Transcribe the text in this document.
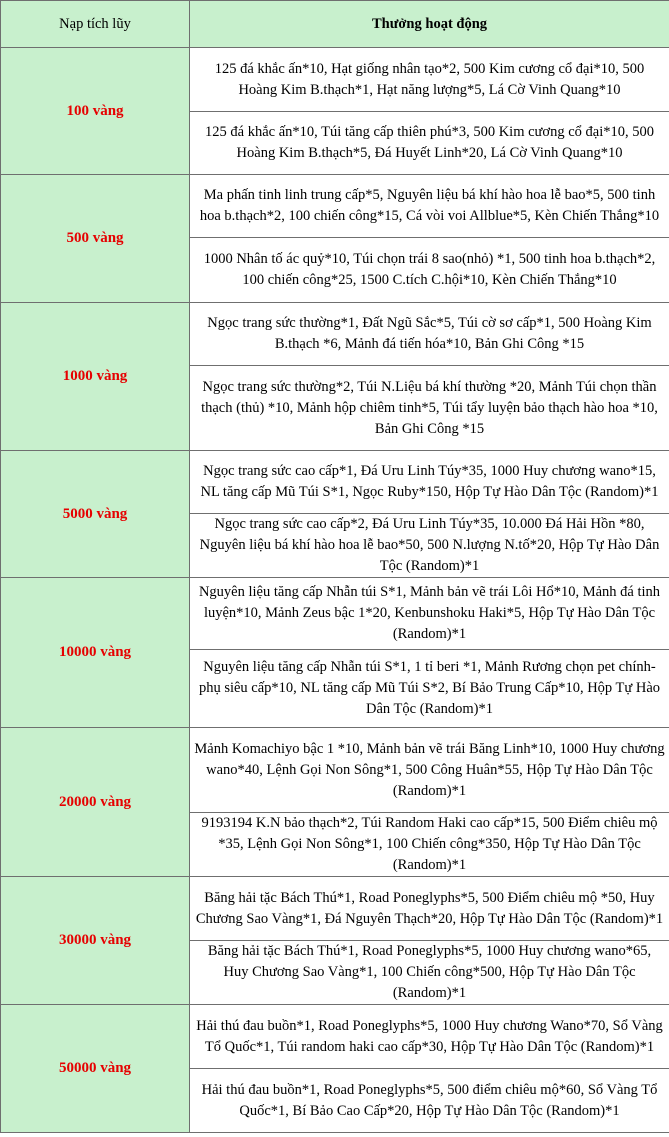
Nạp tích lũy	Thưởng hoạt động
100 vàng	125 đá khắc ấn*10, Hạt giống nhân tạo*2, 500 Kim cương cổ đại*10, 500 Hoàng Kim B.thạch*1, Hạt năng lượng*5, Lá Cờ Vinh Quang*10
	125 đá khắc ấn*10, Túi tăng cấp thiên phú*3, 500 Kim cương cổ đại*10, 500 Hoàng Kim B.thạch*5, Đá Huyết Linh*20, Lá Cờ Vinh Quang*10
500 vàng	Ma phấn tinh linh trung cấp*5, Nguyên liệu bá khí hào hoa lễ bao*5, 500 tinh hoa b.thạch*2, 100 chiến công*15, Cá vòi voi Allblue*5, Kèn Chiến Thắng*10
	1000 Nhân tố ác quỷ*10, Túi chọn trái 8 sao(nhỏ) *1, 500 tinh hoa b.thạch*2, 100 chiến công*25, 1500 C.tích C.hội*10, Kèn Chiến Thắng*10
1000 vàng	Ngọc trang sức thường*1, Đất Ngũ Sắc*5, Túi cờ sơ cấp*1, 500 Hoàng Kim B.thạch *6, Mảnh đá tiến hóa*10, Bản Ghi Công *15
	Ngọc trang sức thường*2, Túi N.Liệu bá khí thường *20, Mảnh Túi chọn thần thạch (thủ) *10, Mảnh hộp chiêm tinh*5, Túi tẩy luyện bảo thạch hào hoa *10, Bản Ghi Công *15
5000 vàng	Ngọc trang sức cao cấp*1, Đá Uru Linh Túy*35, 1000 Huy chương wano*15, NL tăng cấp Mũ Túi S*1, Ngọc Ruby*150, Hộp Tự Hào Dân Tộc (Random)*1
	Ngọc trang sức cao cấp*2, Đá Uru Linh Túy*35, 10.000 Đá Hải Hồn *80, Nguyên liệu bá khí hào hoa lễ bao*50, 500 N.lượng N.tố*20, Hộp Tự Hào Dân Tộc (Random)*1
10000 vàng	Nguyên liệu tăng cấp Nhẫn túi S*1, Mảnh bản vẽ trái Lôi Hổ*10, Mảnh đá tinh luyện*10, Mảnh Zeus bậc 1*20, Kenbunshoku Haki*5, Hộp Tự Hào Dân Tộc (Random)*1
	Nguyên liệu tăng cấp Nhẫn túi S*1, 1 tỉ beri *1, Mảnh Rương chọn pet chính-phụ siêu cấp*10, NL tăng cấp Mũ Túi S*2, Bí Bảo Trung Cấp*10, Hộp Tự Hào Dân Tộc (Random)*1
20000 vàng	Mảnh Komachiyo bậc 1 *10, Mảnh bản vẽ trái Băng Linh*10, 1000 Huy chương wano*40, Lệnh Gọi Non Sông*1, 500 Công Huân*55, Hộp Tự Hào Dân Tộc (Random)*1
	9193194 K.N bảo thạch*2, Túi Random Haki cao cấp*15, 500 Điểm chiêu mộ *35, Lệnh Gọi Non Sông*1, 100 Chiến công*350, Hộp Tự Hào Dân Tộc (Random)*1
30000 vàng	Băng hải tặc Bách Thú*1, Road Poneglyphs*5, 500 Điểm chiêu mộ *50, Huy Chương Sao Vàng*1, Đá Nguyên Thạch*20, Hộp Tự Hào Dân Tộc (Random)*1
	Băng hải tặc Bách Thú*1, Road Poneglyphs*5, 1000 Huy chương wano*65, Huy Chương Sao Vàng*1, 100 Chiến công*500, Hộp Tự Hào Dân Tộc (Random)*1
50000 vàng	Hải thú đau buồn*1, Road Poneglyphs*5, 1000 Huy chương Wano*70, Sổ Vàng Tổ Quốc*1, Túi random haki cao cấp*30, Hộp Tự Hào Dân Tộc (Random)*1
	Hải thú đau buồn*1, Road Poneglyphs*5, 500 điểm chiêu mộ*60, Sổ Vàng Tổ Quốc*1, Bí Bảo Cao Cấp*20, Hộp Tự Hào Dân Tộc (Random)*1
